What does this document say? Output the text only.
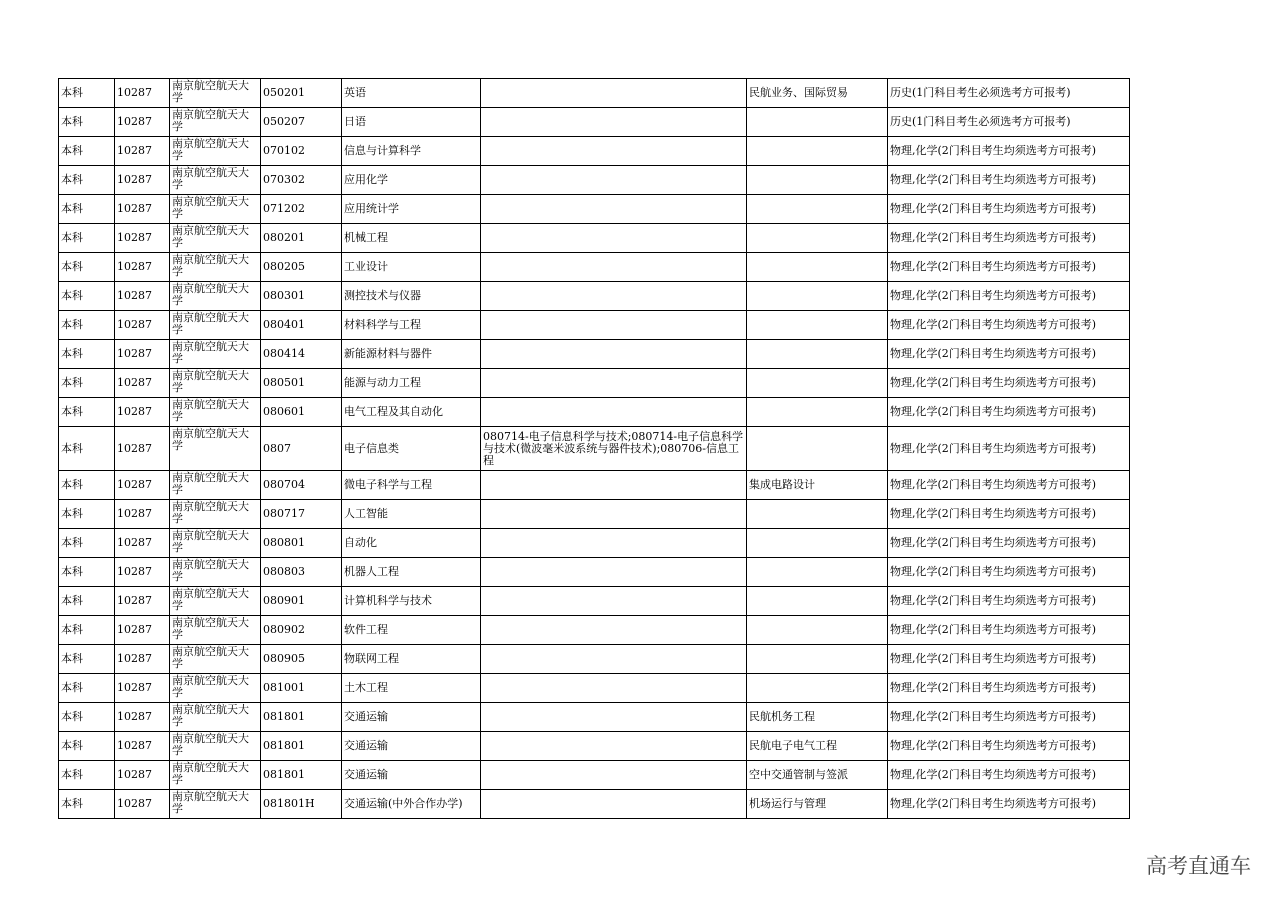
本科	10287	南京航空航天大学	050201	英语		民航业务、国际贸易	历史(1门科目考生必须选考方可报考)
本科	10287	南京航空航天大学	050207	日语			历史(1门科目考生必须选考方可报考)
本科	10287	南京航空航天大学	070102	信息与计算科学			物理,化学(2门科目考生均须选考方可报考)
本科	10287	南京航空航天大学	070302	应用化学			物理,化学(2门科目考生均须选考方可报考)
本科	10287	南京航空航天大学	071202	应用统计学			物理,化学(2门科目考生均须选考方可报考)
本科	10287	南京航空航天大学	080201	机械工程			物理,化学(2门科目考生均须选考方可报考)
本科	10287	南京航空航天大学	080205	工业设计			物理,化学(2门科目考生均须选考方可报考)
本科	10287	南京航空航天大学	080301	测控技术与仪器			物理,化学(2门科目考生均须选考方可报考)
本科	10287	南京航空航天大学	080401	材料科学与工程			物理,化学(2门科目考生均须选考方可报考)
本科	10287	南京航空航天大学	080414	新能源材料与器件			物理,化学(2门科目考生均须选考方可报考)
本科	10287	南京航空航天大学	080501	能源与动力工程			物理,化学(2门科目考生均须选考方可报考)
本科	10287	南京航空航天大学	080601	电气工程及其自动化			物理,化学(2门科目考生均须选考方可报考)
本科	10287	南京航空航天大学	0807	电子信息类	080714-电子信息科学与技术;080714-电子信息科学与技术(微波毫米波系统与器件技术);080706-信息工程		物理,化学(2门科目考生均须选考方可报考)
本科	10287	南京航空航天大学	080704	微电子科学与工程		集成电路设计	物理,化学(2门科目考生均须选考方可报考)
本科	10287	南京航空航天大学	080717	人工智能			物理,化学(2门科目考生均须选考方可报考)
本科	10287	南京航空航天大学	080801	自动化			物理,化学(2门科目考生均须选考方可报考)
本科	10287	南京航空航天大学	080803	机器人工程			物理,化学(2门科目考生均须选考方可报考)
本科	10287	南京航空航天大学	080901	计算机科学与技术			物理,化学(2门科目考生均须选考方可报考)
本科	10287	南京航空航天大学	080902	软件工程			物理,化学(2门科目考生均须选考方可报考)
本科	10287	南京航空航天大学	080905	物联网工程			物理,化学(2门科目考生均须选考方可报考)
本科	10287	南京航空航天大学	081001	土木工程			物理,化学(2门科目考生均须选考方可报考)
本科	10287	南京航空航天大学	081801	交通运输		民航机务工程	物理,化学(2门科目考生均须选考方可报考)
本科	10287	南京航空航天大学	081801	交通运输		民航电子电气工程	物理,化学(2门科目考生均须选考方可报考)
本科	10287	南京航空航天大学	081801	交通运输		空中交通管制与签派	物理,化学(2门科目考生均须选考方可报考)
本科	10287	南京航空航天大学	081801H	交通运输(中外合作办学)		机场运行与管理	物理,化学(2门科目考生均须选考方可报考)
高考直通车
